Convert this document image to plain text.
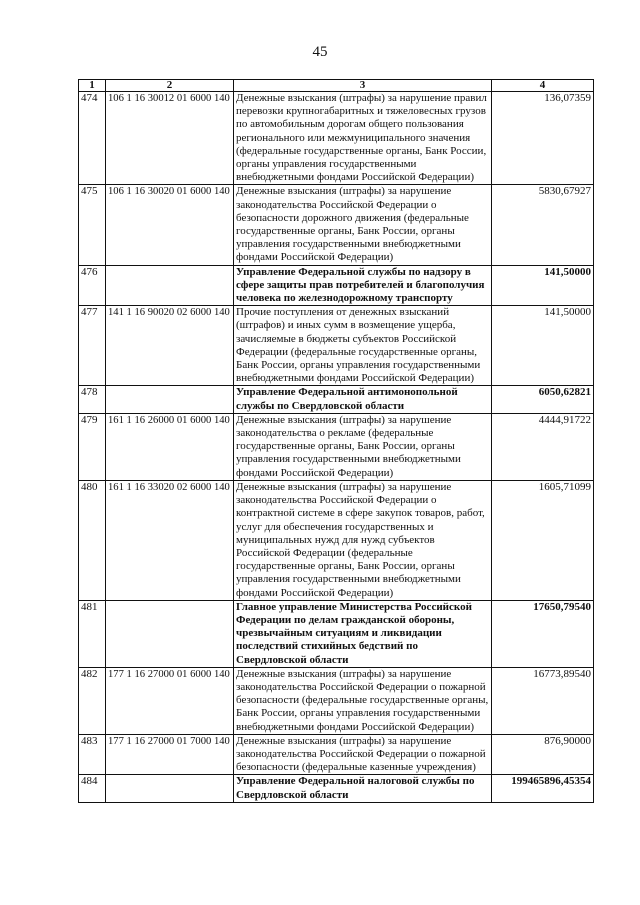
45
1	2	3	4
474	106 1 16 30012 01 6000 140	Денежные взыскания (штрафы) за нарушение правил перевозки крупногабаритных и тяжеловесных грузов по автомобильным дорогам общего пользования регионального или межмуниципального значения (федеральные государственные органы, Банк России, органы управления государственными внебюджетными фондами Российской Федерации)	136,07359
475	106 1 16 30020 01 6000 140	Денежные взыскания (штрафы) за нарушение законодательства Российской Федерации о безопасности дорожного движения (федеральные государственные органы, Банк России, органы управления государственными внебюджетными фондами Российской Федерации)	5830,67927
476		Управление Федеральной службы по надзору в сфере защиты прав потребителей и благополучия человека по железнодорожному транспорту	141,50000
477	141 1 16 90020 02 6000 140	Прочие поступления от денежных взысканий (штрафов) и иных сумм в возмещение ущерба, зачисляемые в бюджеты субъектов Российской Федерации (федеральные государственные органы, Банк России, органы управления государственными внебюджетными фондами Российской Федерации)	141,50000
478		Управление Федеральной антимонопольной службы по Свердловской области	6050,62821
479	161 1 16 26000 01 6000 140	Денежные взыскания (штрафы) за нарушение законодательства о рекламе (федеральные государственные органы, Банк России, органы управления государственными внебюджетными фондами Российской Федерации)	4444,91722
480	161 1 16 33020 02 6000 140	Денежные взыскания (штрафы) за нарушение законодательства Российской Федерации о контрактной системе в сфере закупок товаров, работ, услуг для обеспечения государственных и муниципальных нужд для нужд субъектов Российской Федерации (федеральные государственные органы, Банк России, органы управления государственными внебюджетными фондами Российской Федерации)	1605,71099
481		Главное управление Министерства Российской Федерации по делам гражданской обороны, чрезвычайным ситуациям и ликвидации последствий стихийных бедствий по Свердловской области	17650,79540
482	177 1 16 27000 01 6000 140	Денежные взыскания (штрафы) за нарушение законодательства Российской Федерации о пожарной безопасности (федеральные государственные органы, Банк России, органы управления государственными внебюджетными фондами Российской Федерации)	16773,89540
483	177 1 16 27000 01 7000 140	Денежные взыскания (штрафы) за нарушение законодательства Российской Федерации о пожарной безопасности (федеральные казенные учреждения)	876,90000
484		Управление Федеральной налоговой службы по Свердловской области	199465896,45354
